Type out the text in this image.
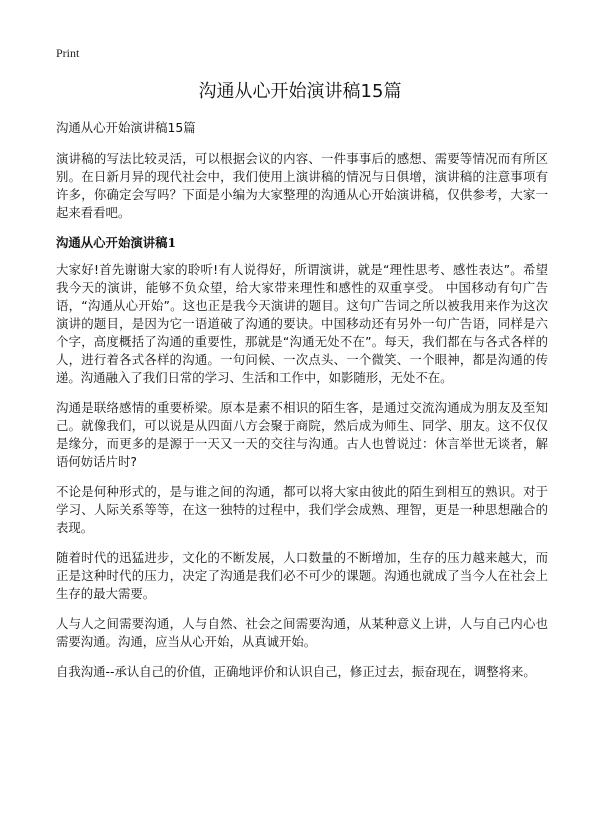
Print
沟通从心开始演讲稿15篇

沟通从心开始演讲稿15篇

演讲稿的写法比较灵活，可以根据会议的内容、一件事事后的感想、需要等情况而有所区别。在日新月异的现代社会中，我们使用上演讲稿的情况与日俱增，演讲稿的注意事项有许多，你确定会写吗？下面是小编为大家整理的沟通从心开始演讲稿，仅供参考，大家一起来看看吧。

沟通从心开始演讲稿1

大家好!首先谢谢大家的聆听!有人说得好，所谓演讲，就是“理性思考、感性表达”。希望我今天的演讲，能够不负众望，给大家带来理性和感性的双重享受。 中国移动有句广告语，“沟通从心开始”。这也正是我今天演讲的题目。这句广告词之所以被我用来作为这次演讲的题目，是因为它一语道破了沟通的要诀。中国移动还有另外一句广告语，同样是六个字，高度概括了沟通的重要性，那就是“沟通无处不在”。每天，我们都在与各式各样的人，进行着各式各样的沟通。一句问候、一次点头、一个微笑、一个眼神，都是沟通的传递。沟通融入了我们日常的学习、生活和工作中，如影随形，无处不在。

沟通是联络感情的重要桥梁。原本是素不相识的陌生客，是通过交流沟通成为朋友及至知己。就像我们，可以说是从四面八方会聚于商院，然后成为师生、同学、朋友。这不仅仅是缘分，而更多的是源于一天又一天的交往与沟通。古人也曾说过：休言举世无谈者，解语何妨话片时?

不论是何种形式的，是与谁之间的沟通，都可以将大家由彼此的陌生到相互的熟识。对于学习、人际关系等等，在这一独特的过程中，我们学会成熟、理智，更是一种思想融合的表现。

随着时代的迅猛进步，文化的不断发展，人口数量的不断增加，生存的压力越来越大，而正是这种时代的压力，决定了沟通是我们必不可少的课题。沟通也就成了当今人在社会上生存的最大需要。

人与人之间需要沟通，人与自然、社会之间需要沟通，从某种意义上讲，人与自己内心也需要沟通。沟通，应当从心开始，从真诚开始。

自我沟通--承认自己的价值，正确地评价和认识自己，修正过去，振奋现在，调整将来。
